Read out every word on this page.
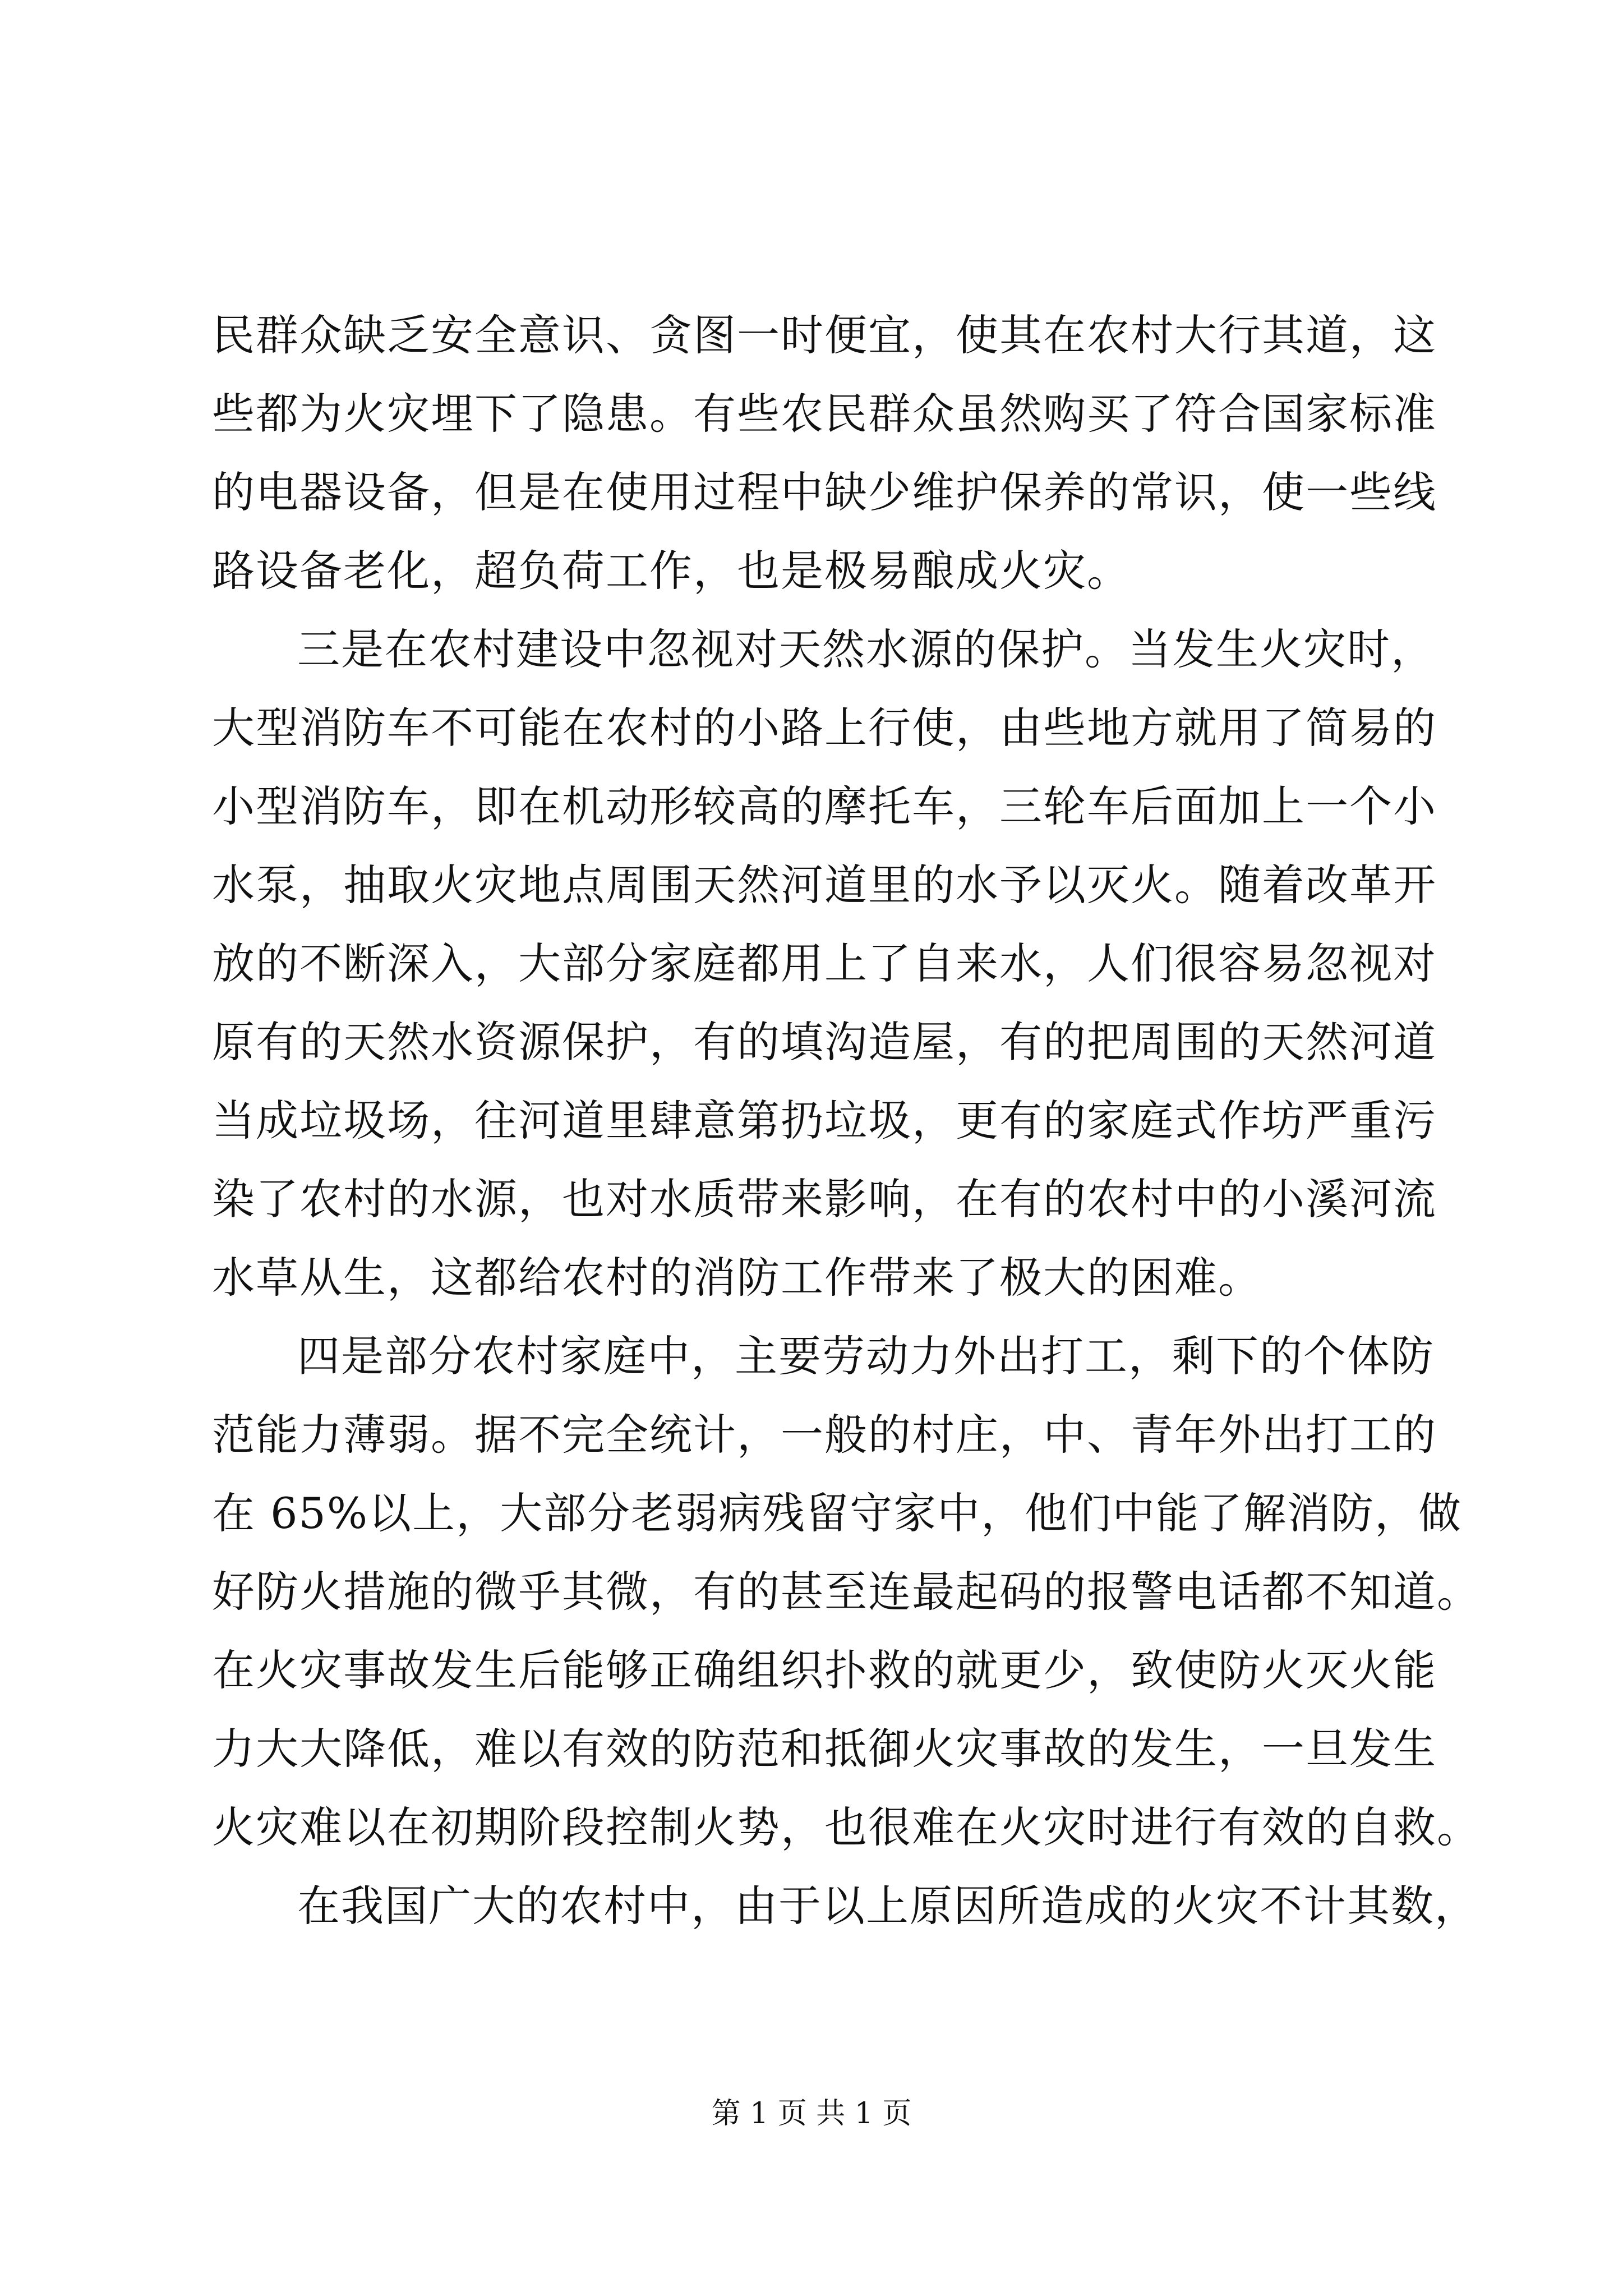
民群众缺乏安全意识、贪图一时便宜，使其在农村大行其道，这
些都为火灾埋下了隐患。有些农民群众虽然购买了符合国家标准
的电器设备，但是在使用过程中缺少维护保养的常识，使一些线
路设备老化，超负荷工作，也是极易酿成火灾。
三是在农村建设中忽视对天然水源的保护。当发生火灾时，
大型消防车不可能在农村的小路上行使，由些地方就用了简易的
小型消防车，即在机动形较高的摩托车，三轮车后面加上一个小
水泵，抽取火灾地点周围天然河道里的水予以灭火。随着改革开
放的不断深入，大部分家庭都用上了自来水，人们很容易忽视对
原有的天然水资源保护，有的填沟造屋，有的把周围的天然河道
当成垃圾场，往河道里肆意第扔垃圾，更有的家庭式作坊严重污
染了农村的水源，也对水质带来影响，在有的农村中的小溪河流
水草从生，这都给农村的消防工作带来了极大的困难。
四是部分农村家庭中，主要劳动力外出打工，剩下的个体防
范能力薄弱。据不完全统计，一般的村庄，中、青年外出打工的
在 65%以上，大部分老弱病残留守家中，他们中能了解消防，做
好防火措施的微乎其微，有的甚至连最起码的报警电话都不知道。
在火灾事故发生后能够正确组织扑救的就更少，致使防火灭火能
力大大降低，难以有效的防范和抵御火灾事故的发生，一旦发生
火灾难以在初期阶段控制火势，也很难在火灾时进行有效的自救。
在我国广大的农村中，由于以上原因所造成的火灾不计其数，
第 1 页 共 1 页
